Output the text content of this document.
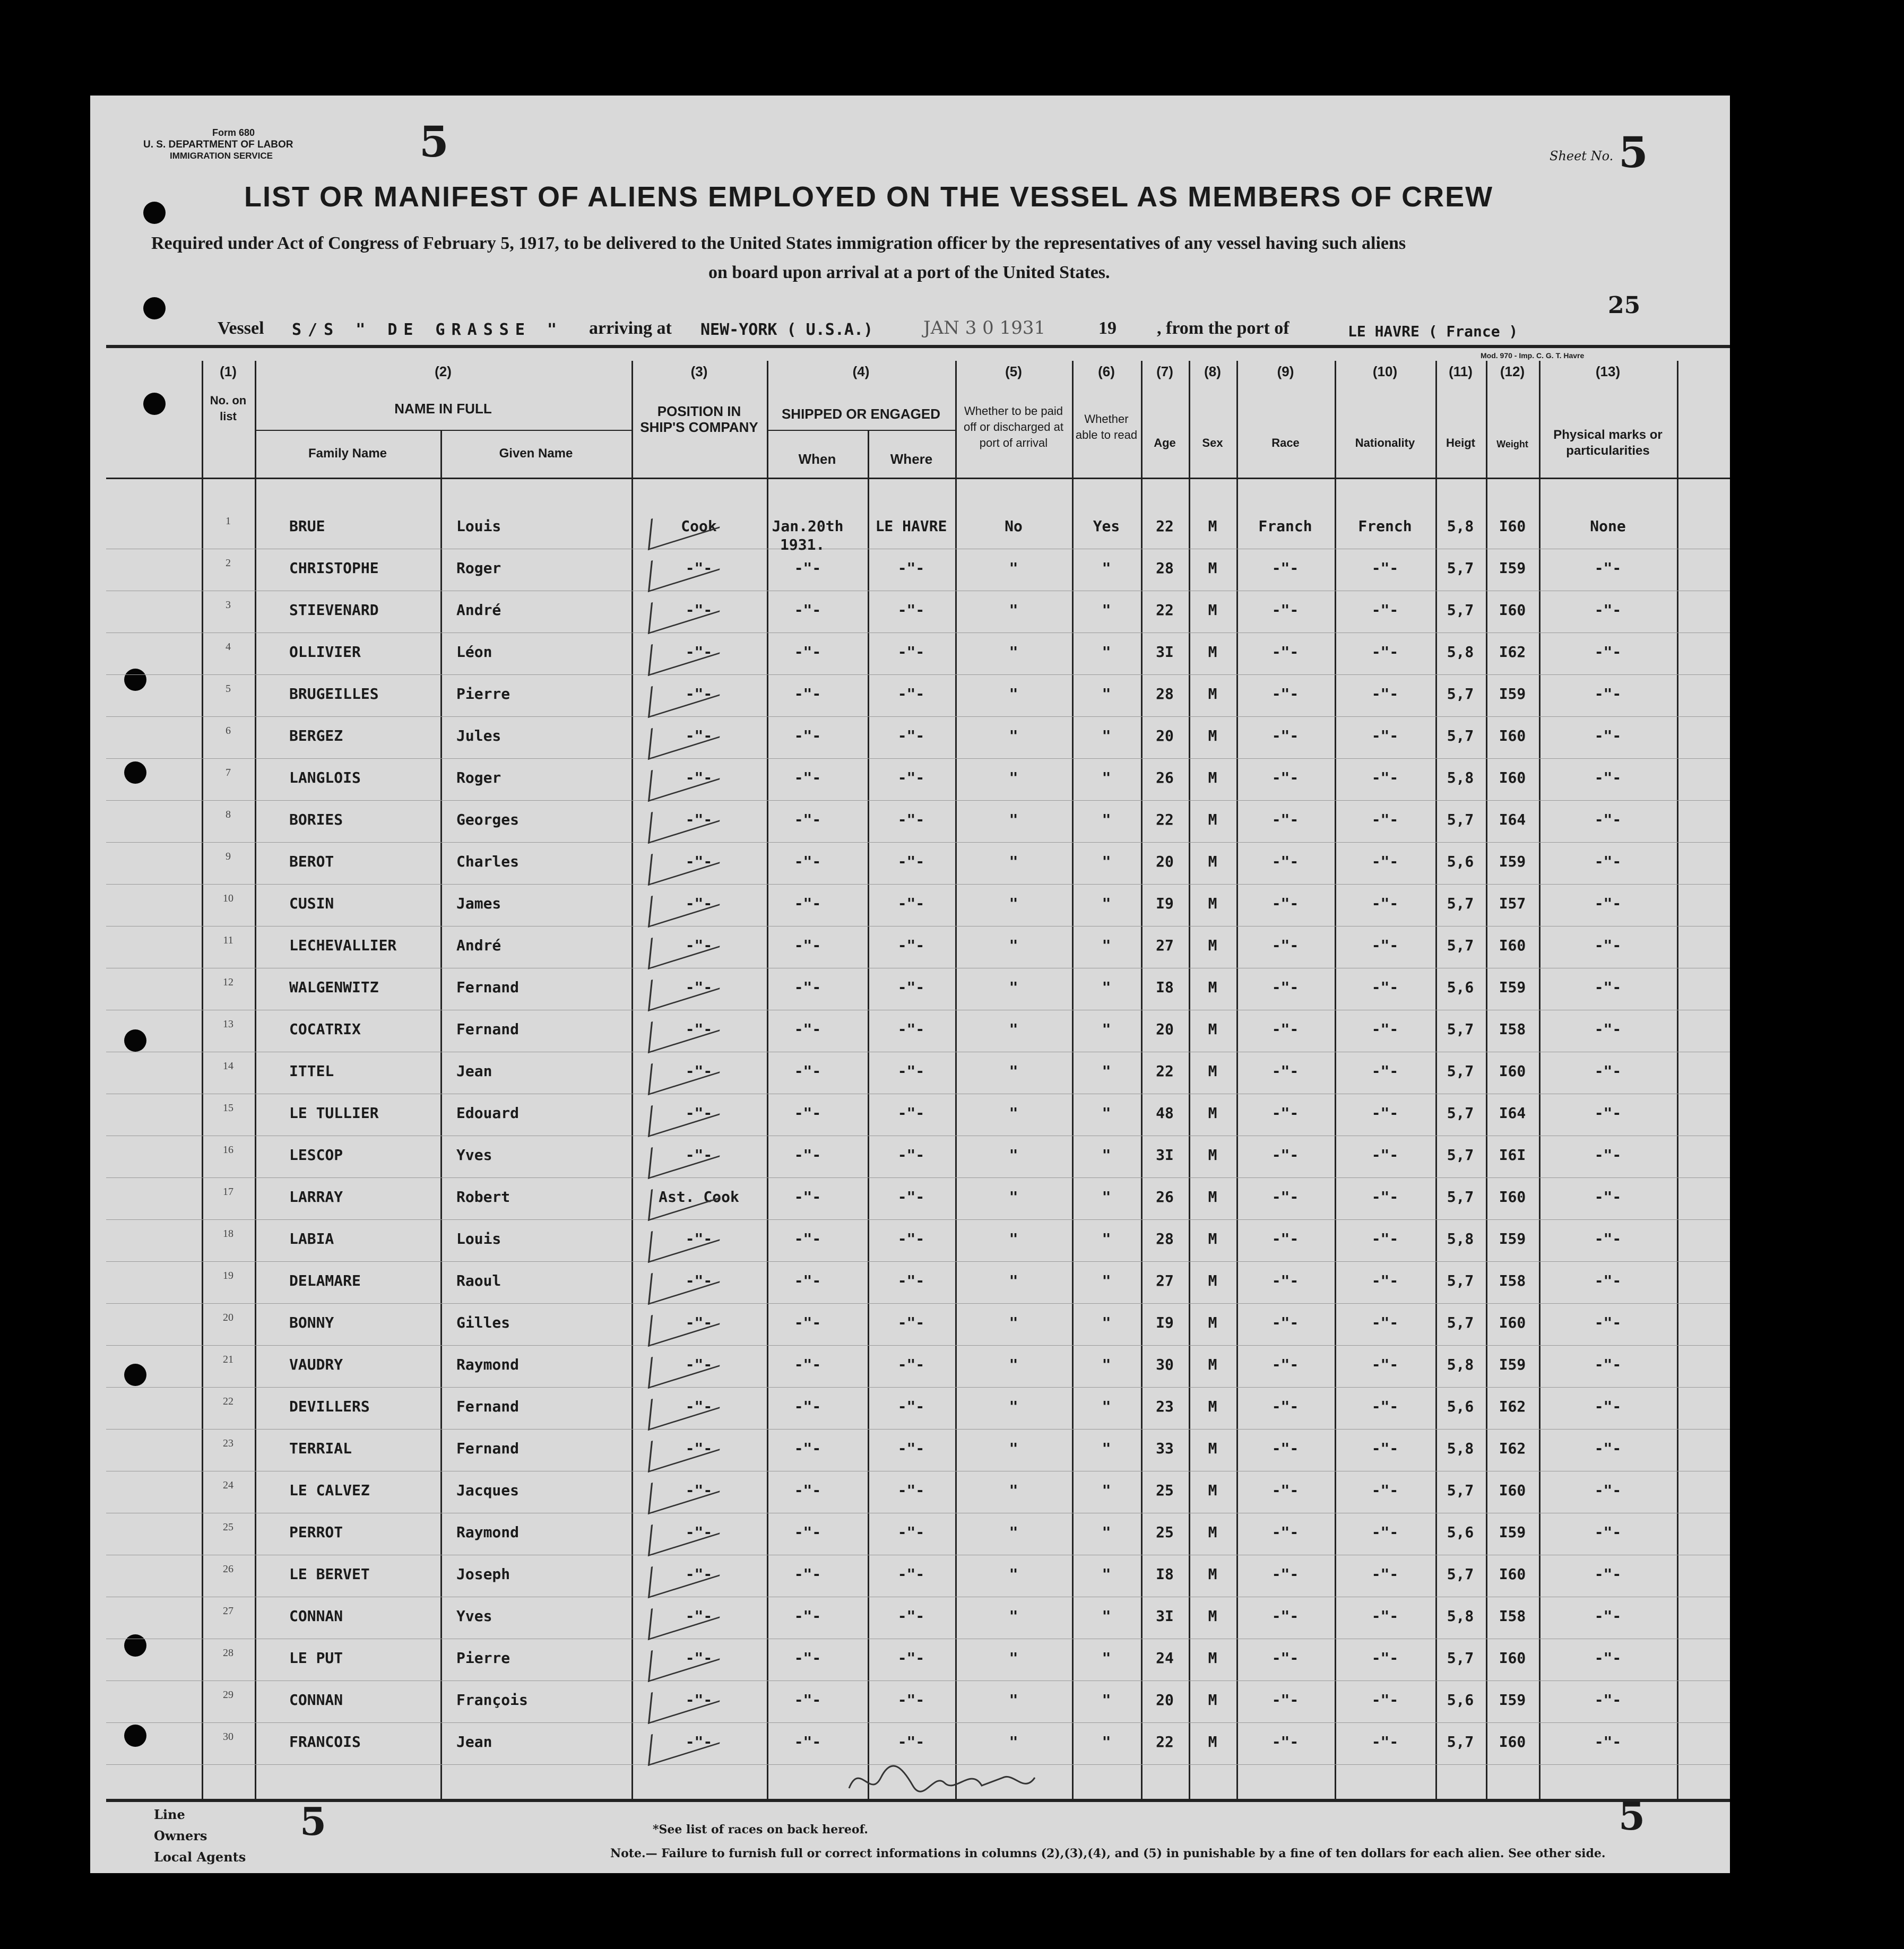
Form 680
U. S. DEPARTMENT OF LABOR
IMMIGRATION SERVICE	5	Sheet No. 5
LIST OR MANIFEST OF ALIENS EMPLOYED ON THE VESSEL AS MEMBERS OF CREW
Required under Act of Congress of February 5, 1917, to be delivered to the United States immigration officer by the representatives of any vessel having such aliens
on board upon arrival at a port of the United States.
25
Vessel S/S " DE GRASSE " arriving at NEW-YORK ( U.S.A.)	JAN 3 0 1931	19 , from the port of	LE HAVRE ( France )
Mod. 970 - Imp. C. G. T. Havre
(1)
No. on list
(2)
NAME IN FULL
Family Name	Given Name
(3)
POSITION IN SHIP'S COMPANY
(4)
SHIPPED OR ENGAGED
When	Where
(5)
Whether to be paid off or discharged at port of arrival
(6)
Whether able to read
(7)
Age
(8)
Sex
(9)
Race
(10)
Nationality
(11)
Heigt
(12)
Weight
(13)
Physical marks or particularities
1	BRUE	Louis	Cook	Jan.20th	LE HAVRE	No	Yes	22	M	Franch	French	5,8	I60	None
2	CHRISTOPHE	Roger	-"-	-"-	-"-	"	"	28	M	-"-	-"-	5,7	I59	-"-
3	STIEVENARD	André	-"-	-"-	-"-	"	"	22	M	-"-	-"-	5,7	I60	-"-
4	OLLIVIER	Léon	-"-	-"-	-"-	"	"	3I	M	-"-	-"-	5,8	I62	-"-
5	BRUGEILLES	Pierre	-"-	-"-	-"-	"	"	28	M	-"-	-"-	5,7	I59	-"-
6	BERGEZ	Jules	-"-	-"-	-"-	"	"	20	M	-"-	-"-	5,7	I60	-"-
7	LANGLOIS	Roger	-"-	-"-	-"-	"	"	26	M	-"-	-"-	5,8	I60	-"-
8	BORIES	Georges	-"-	-"-	-"-	"	"	22	M	-"-	-"-	5,7	I64	-"-
9	BEROT	Charles	-"-	-"-	-"-	"	"	20	M	-"-	-"-	5,6	I59	-"-
10	CUSIN	James	-"-	-"-	-"-	"	"	I9	M	-"-	-"-	5,7	I57	-"-
11	LECHEVALLIER	André	-"-	-"-	-"-	"	"	27	M	-"-	-"-	5,7	I60	-"-
12	WALGENWITZ	Fernand	-"-	-"-	-"-	"	"	I8	M	-"-	-"-	5,6	I59	-"-
13	COCATRIX	Fernand	-"-	-"-	-"-	"	"	20	M	-"-	-"-	5,7	I58	-"-
14	ITTEL	Jean	-"-	-"-	-"-	"	"	22	M	-"-	-"-	5,7	I60	-"-
15	LE TULLIER	Edouard	-"-	-"-	-"-	"	"	48	M	-"-	-"-	5,7	I64	-"-
16	LESCOP	Yves	-"-	-"-	-"-	"	"	3I	M	-"-	-"-	5,7	I6I	-"-
17	LARRAY	Robert	Ast. Cook	-"-	-"-	"	"	26	M	-"-	-"-	5,7	I60	-"-
18	LABIA	Louis	-"-	-"-	-"-	"	"	28	M	-"-	-"-	5,8	I59	-"-
19	DELAMARE	Raoul	-"-	-"-	-"-	"	"	27	M	-"-	-"-	5,7	I58	-"-
20	BONNY	Gilles	-"-	-"-	-"-	"	"	I9	M	-"-	-"-	5,7	I60	-"-
21	VAUDRY	Raymond	-"-	-"-	-"-	"	"	30	M	-"-	-"-	5,8	I59	-"-
22	DEVILLERS	Fernand	-"-	-"-	-"-	"	"	23	M	-"-	-"-	5,6	I62	-"-
23	TERRIAL	Fernand	-"-	-"-	-"-	"	"	33	M	-"-	-"-	5,8	I62	-"-
24	LE CALVEZ	Jacques	-"-	-"-	-"-	"	"	25	M	-"-	-"-	5,7	I60	-"-
25	PERROT	Raymond	-"-	-"-	-"-	"	"	25	M	-"-	-"-	5,6	I59	-"-
26	LE BERVET	Joseph	-"-	-"-	-"-	"	"	I8	M	-"-	-"-	5,7	I60	-"-
27	CONNAN	Yves	-"-	-"-	-"-	"	"	3I	M	-"-	-"-	5,8	I58	-"-
28	LE PUT	Pierre	-"-	-"-	-"-	"	"	24	M	-"-	-"-	5,7	I60	-"-
29	CONNAN	François	-"-	-"-	-"-	"	"	20	M	-"-	-"-	5,6	I59	-"-
30	FRANCOIS	Jean	-"-	-"-	-"-	"	"	22	M	-"-	-"-	5,7	I60	-"-
1931.
Line
Owners
Local Agents
5	5
*See list of races on back hereof.
Note.— Failure to furnish full or correct informations in columns (2),(3),(4), and (5) in punishable by a fine of ten dollars for each alien. See other side.
